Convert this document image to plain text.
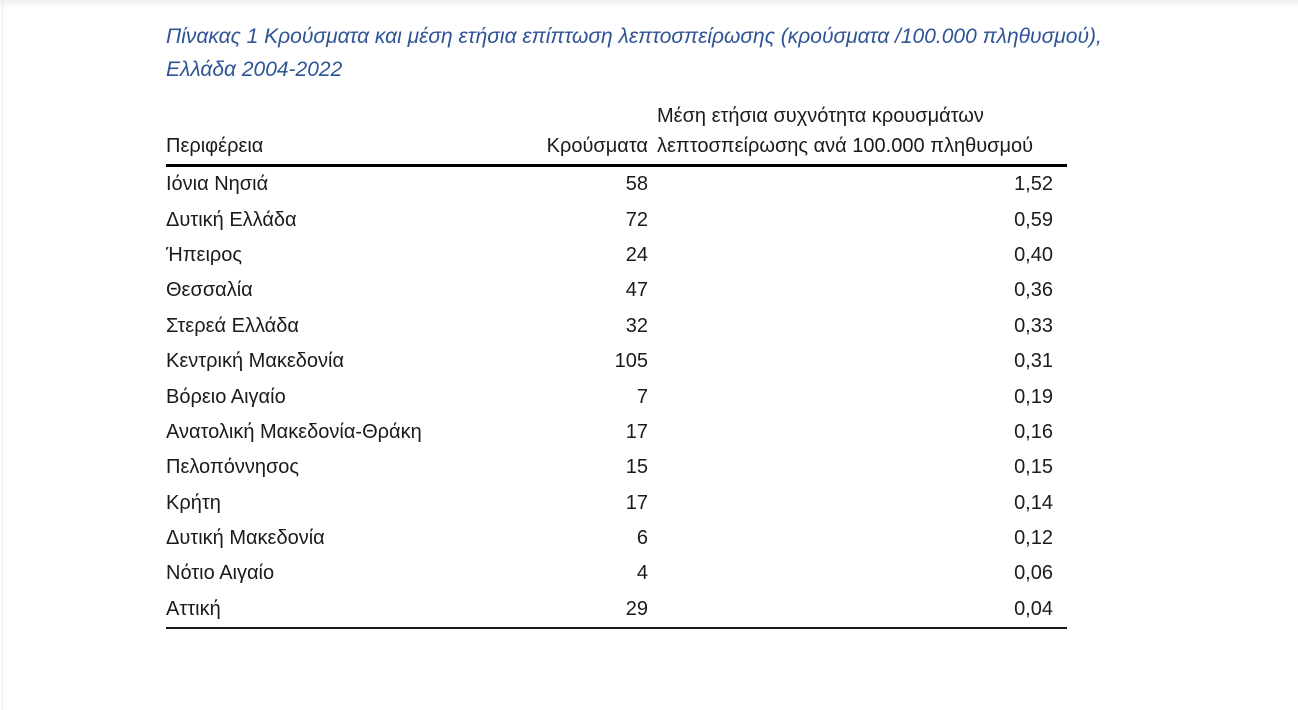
Πίνακας 1 Κρούσματα και μέση ετήσια επίπτωση λεπτοσπείρωσης (κρούσματα /100.000 πληθυσμού),
Ελλάδα 2004-2022

Περιφέρεια	Κρούσματα	Μέση ετήσια συχνότητα κρουσμάτων λεπτοσπείρωσης ανά 100.000 πληθυσμού
Ιόνια Νησιά	58	1,52
Δυτική Ελλάδα	72	0,59
Ήπειρος	24	0,40
Θεσσαλία	47	0,36
Στερεά Ελλάδα	32	0,33
Κεντρική Μακεδονία	105	0,31
Βόρειο Αιγαίο	7	0,19
Ανατολική Μακεδονία-Θράκη	17	0,16
Πελοπόννησος	15	0,15
Κρήτη	17	0,14
Δυτική Μακεδονία	6	0,12
Νότιο Αιγαίο	4	0,06
Αττική	29	0,04
